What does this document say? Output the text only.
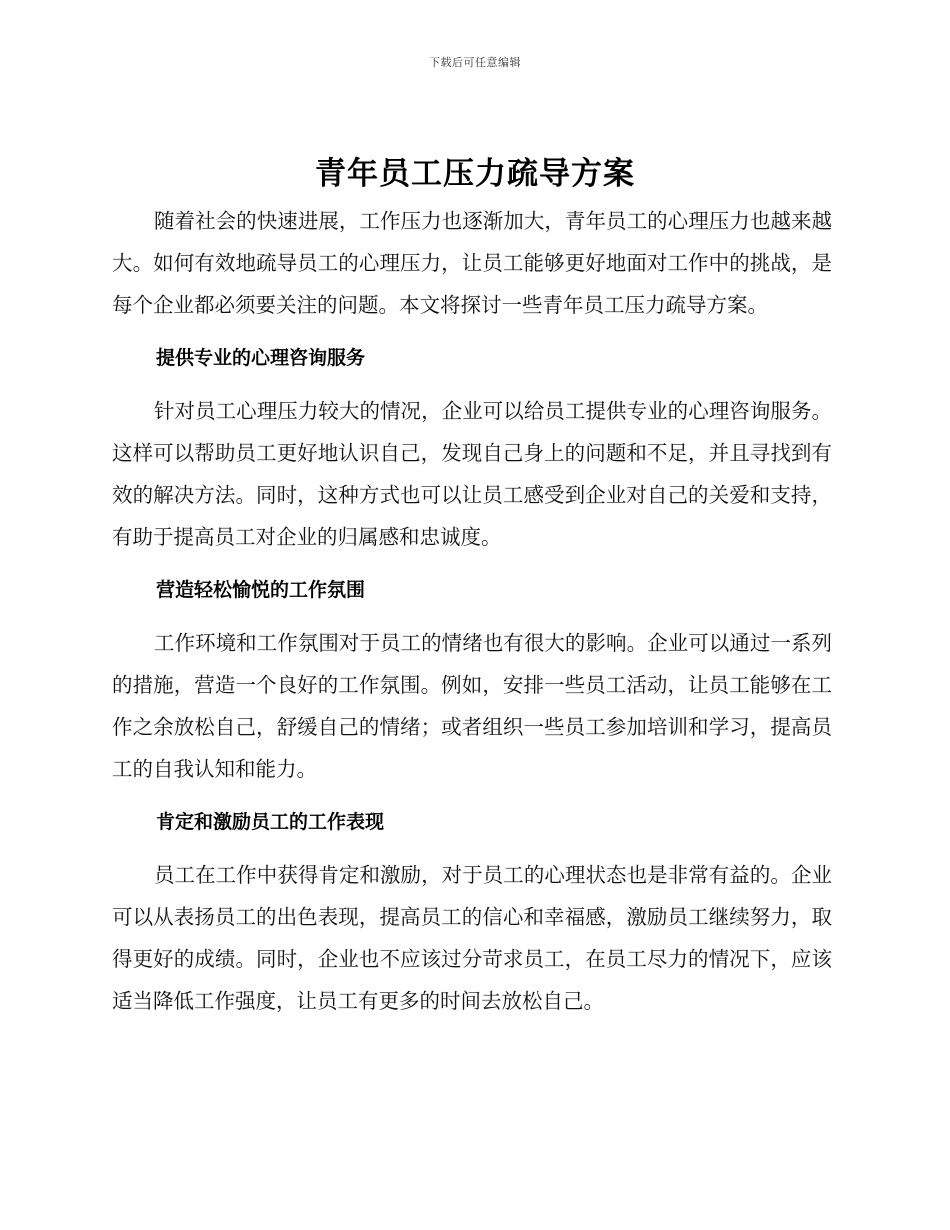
下载后可任意编辑
青年员工压力疏导方案

随着社会的快速进展，工作压力也逐渐加大，青年员工的心理压力也越来越大。如何有效地疏导员工的心理压力，让员工能够更好地面对工作中的挑战，是每个企业都必须要关注的问题。本文将探讨一些青年员工压力疏导方案。

提供专业的心理咨询服务

针对员工心理压力较大的情况，企业可以给员工提供专业的心理咨询服务。这样可以帮助员工更好地认识自己，发现自己身上的问题和不足，并且寻找到有效的解决方法。同时，这种方式也可以让员工感受到企业对自己的关爱和支持，有助于提高员工对企业的归属感和忠诚度。

营造轻松愉悦的工作氛围

工作环境和工作氛围对于员工的情绪也有很大的影响。企业可以通过一系列的措施，营造一个良好的工作氛围。例如，安排一些员工活动，让员工能够在工作之余放松自己，舒缓自己的情绪；或者组织一些员工参加培训和学习，提高员工的自我认知和能力。

肯定和激励员工的工作表现

员工在工作中获得肯定和激励，对于员工的心理状态也是非常有益的。企业可以从表扬员工的出色表现，提高员工的信心和幸福感，激励员工继续努力，取得更好的成绩。同时，企业也不应该过分苛求员工，在员工尽力的情况下，应该适当降低工作强度，让员工有更多的时间去放松自己。
